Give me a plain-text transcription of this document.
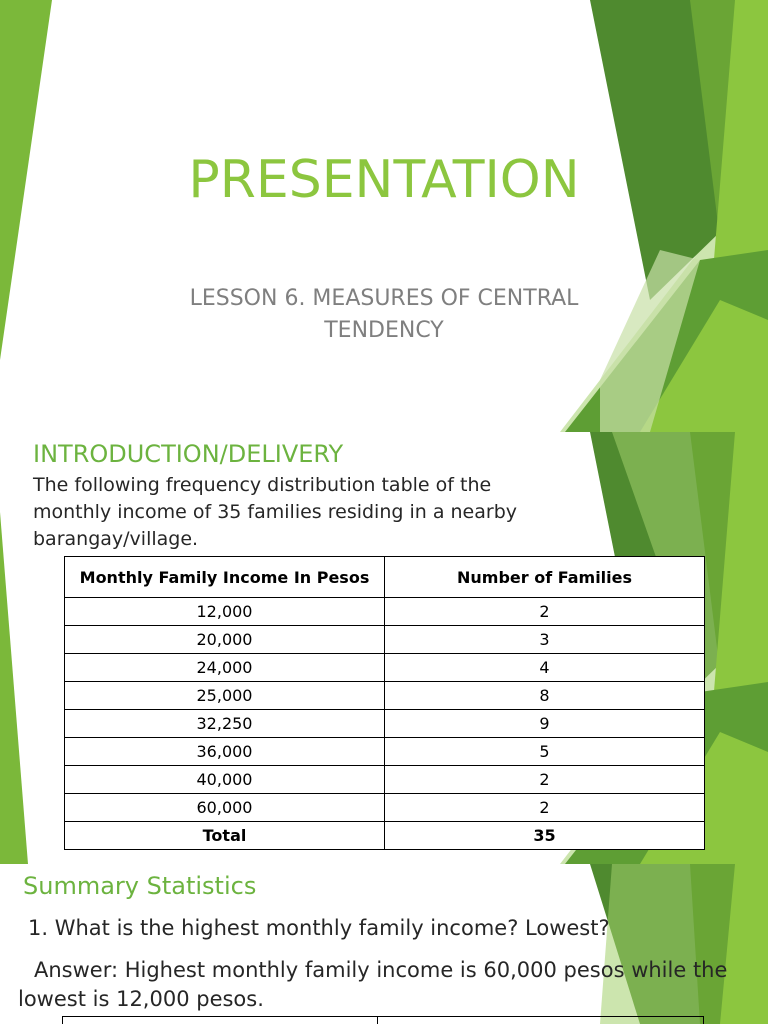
PRESENTATION

LESSON 6. MEASURES OF CENTRAL TENDENCY

INTRODUCTION/DELIVERY

The following frequency distribution table of the monthly income of 35 families residing in a nearby barangay/village.

Monthly Family Income In Pesos	Number of Families
12,000	2
20,000	3
24,000	4
25,000	8
32,250	9
36,000	5
40,000	2
60,000	2
Total	35
Summary Statistics

1. What is the highest monthly family income? Lowest?

Answer: Highest monthly family income is 60,000 pesos while the lowest is 12,000 pesos.
